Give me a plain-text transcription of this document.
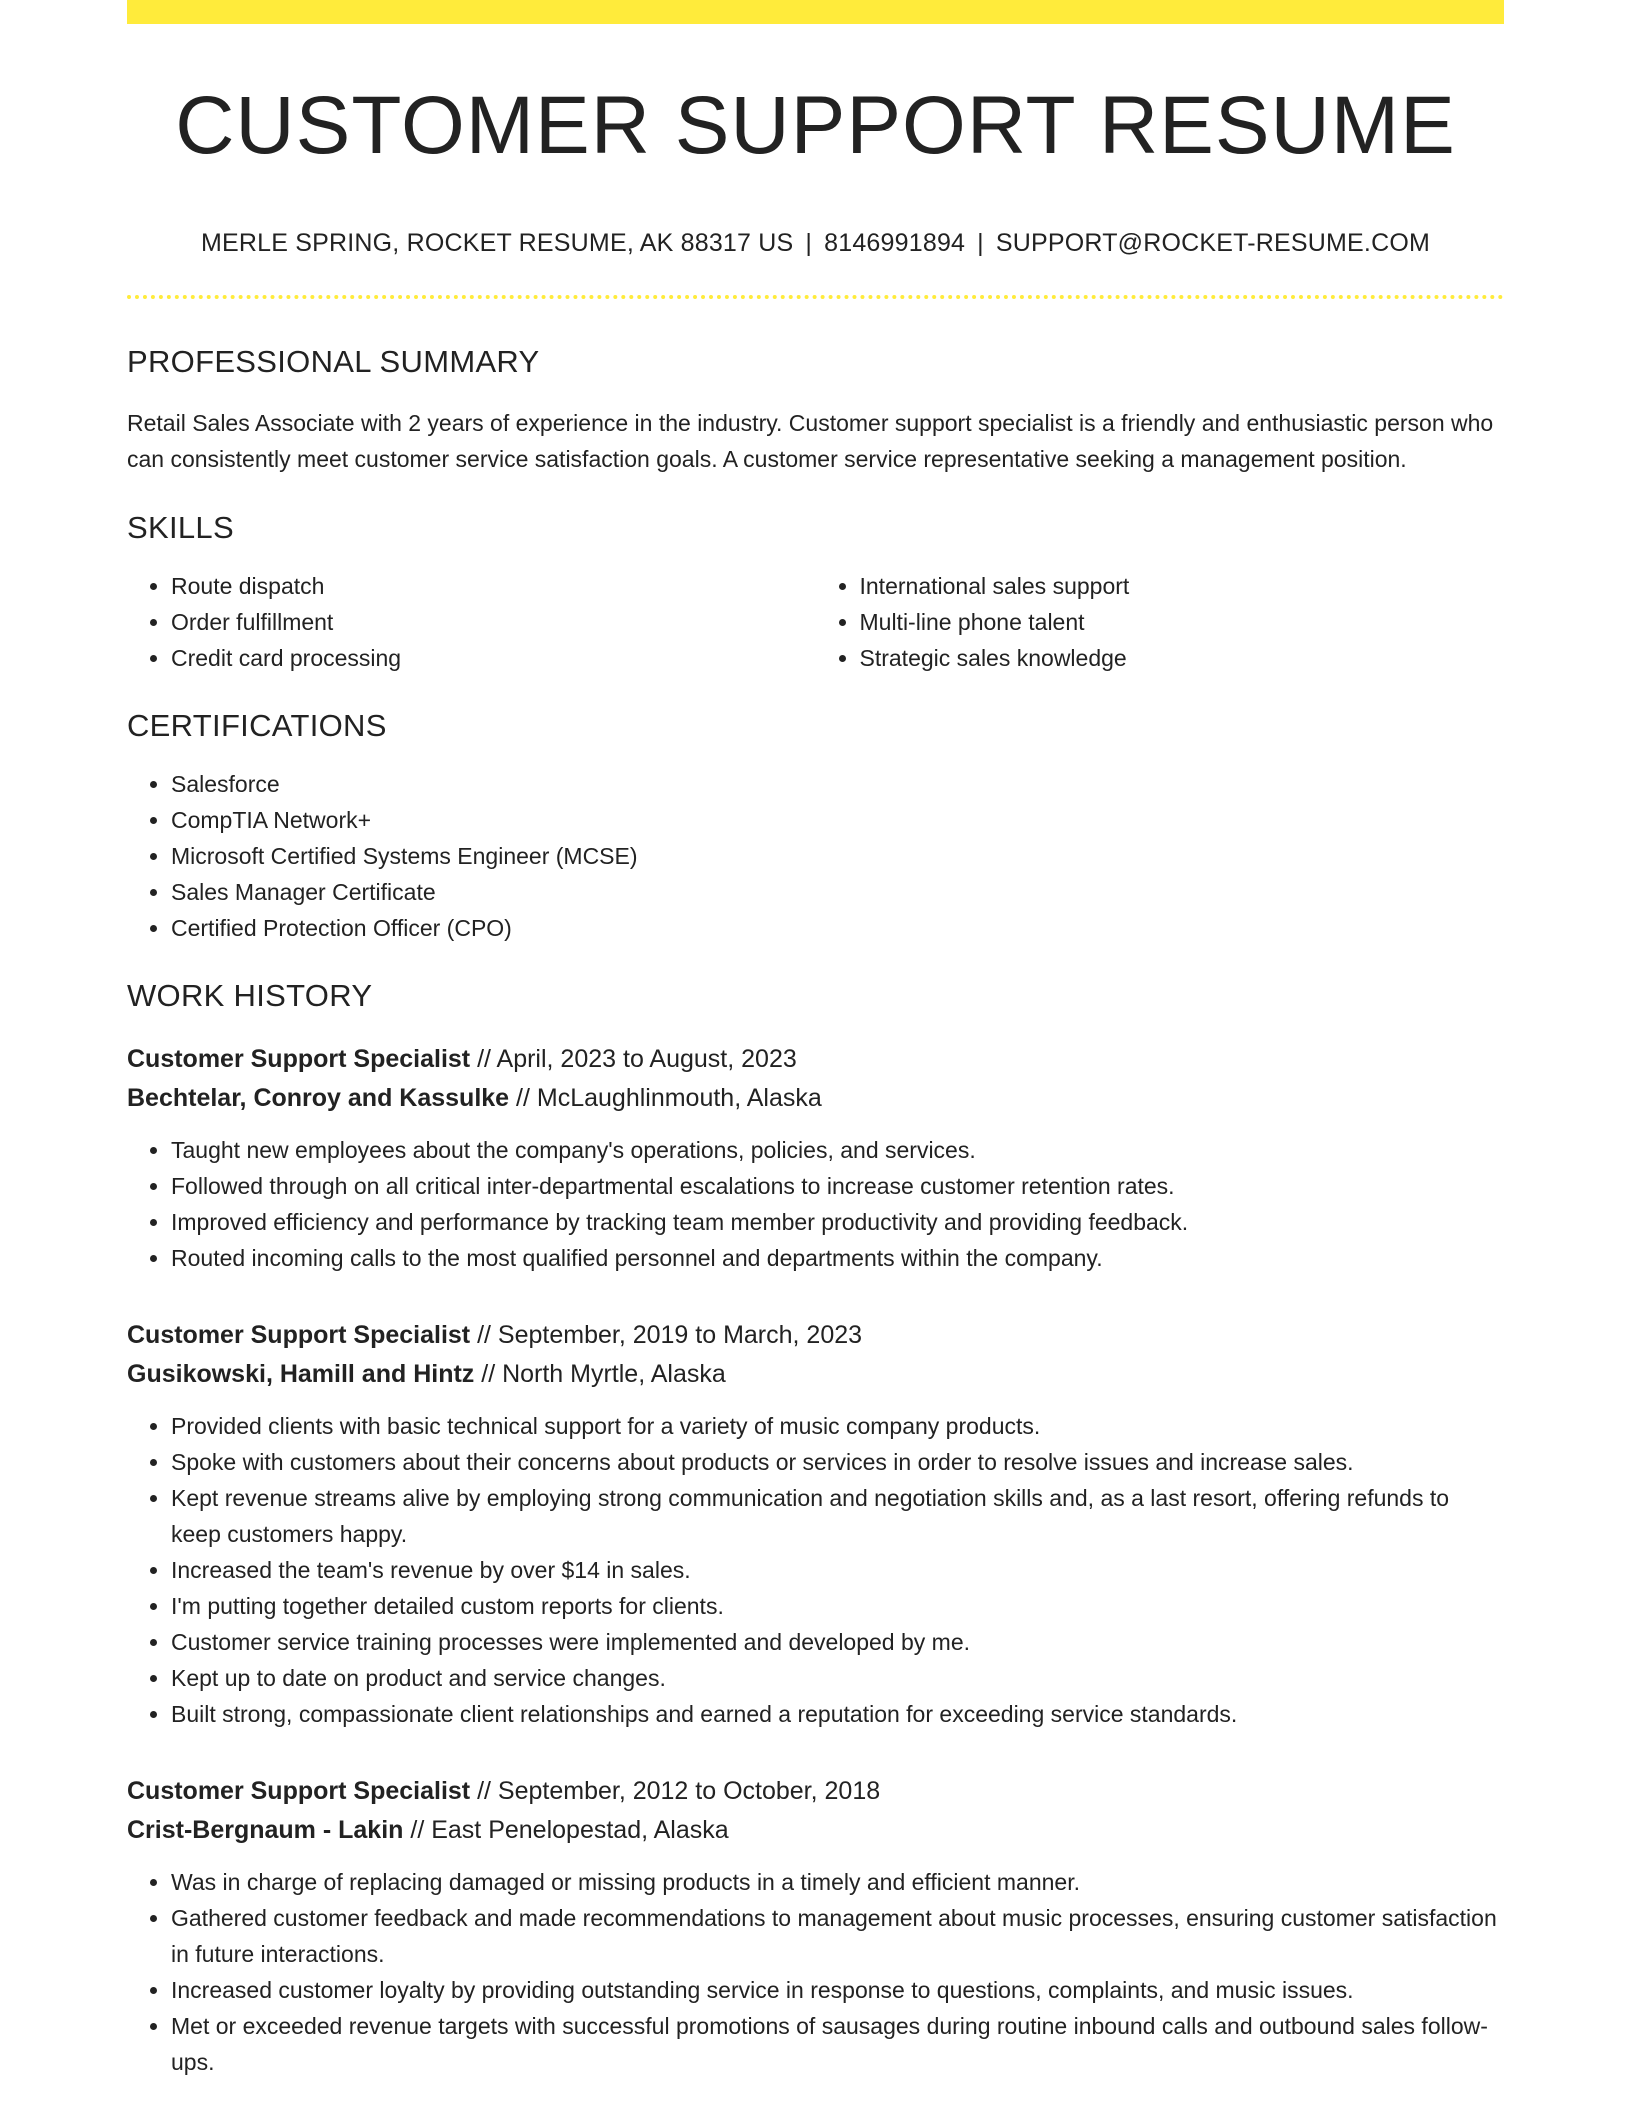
CUSTOMER SUPPORT RESUME
MERLE SPRING, ROCKET RESUME, AK 88317 US | 8146991894 | SUPPORT@ROCKET-RESUME.COM
PROFESSIONAL SUMMARY

Retail Sales Associate with 2 years of experience in the industry. Customer support specialist is a friendly and enthusiastic person who can consistently meet customer service satisfaction goals. A customer service representative seeking a management position.

SKILLS
• Route dispatch
• Order fulfillment
• Credit card processing
• International sales support
• Multi-line phone talent
• Strategic sales knowledge
CERTIFICATIONS
• Salesforce
• CompTIA Network+
• Microsoft Certified Systems Engineer (MCSE)
• Sales Manager Certificate
• Certified Protection Officer (CPO)
WORK HISTORY
Customer Support Specialist // April, 2023 to August, 2023
Bechtelar, Conroy and Kassulke // McLaughlinmouth, Alaska
• Taught new employees about the company's operations, policies, and services.
• Followed through on all critical inter-departmental escalations to increase customer retention rates.
• Improved efficiency and performance by tracking team member productivity and providing feedback.
• Routed incoming calls to the most qualified personnel and departments within the company.
Customer Support Specialist // September, 2019 to March, 2023
Gusikowski, Hamill and Hintz // North Myrtle, Alaska
• Provided clients with basic technical support for a variety of music company products.
• Spoke with customers about their concerns about products or services in order to resolve issues and increase sales.
• Kept revenue streams alive by employing strong communication and negotiation skills and, as a last resort, offering refunds to keep customers happy.
• Increased the team's revenue by over $14 in sales.
• I'm putting together detailed custom reports for clients.
• Customer service training processes were implemented and developed by me.
• Kept up to date on product and service changes.
• Built strong, compassionate client relationships and earned a reputation for exceeding service standards.
Customer Support Specialist // September, 2012 to October, 2018
Crist-Bergnaum - Lakin // East Penelopestad, Alaska
• Was in charge of replacing damaged or missing products in a timely and efficient manner.
• Gathered customer feedback and made recommendations to management about music processes, ensuring customer satisfaction in future interactions.
• Increased customer loyalty by providing outstanding service in response to questions, complaints, and music issues.
• Met or exceeded revenue targets with successful promotions of sausages during routine inbound calls and outbound sales follow-ups.
